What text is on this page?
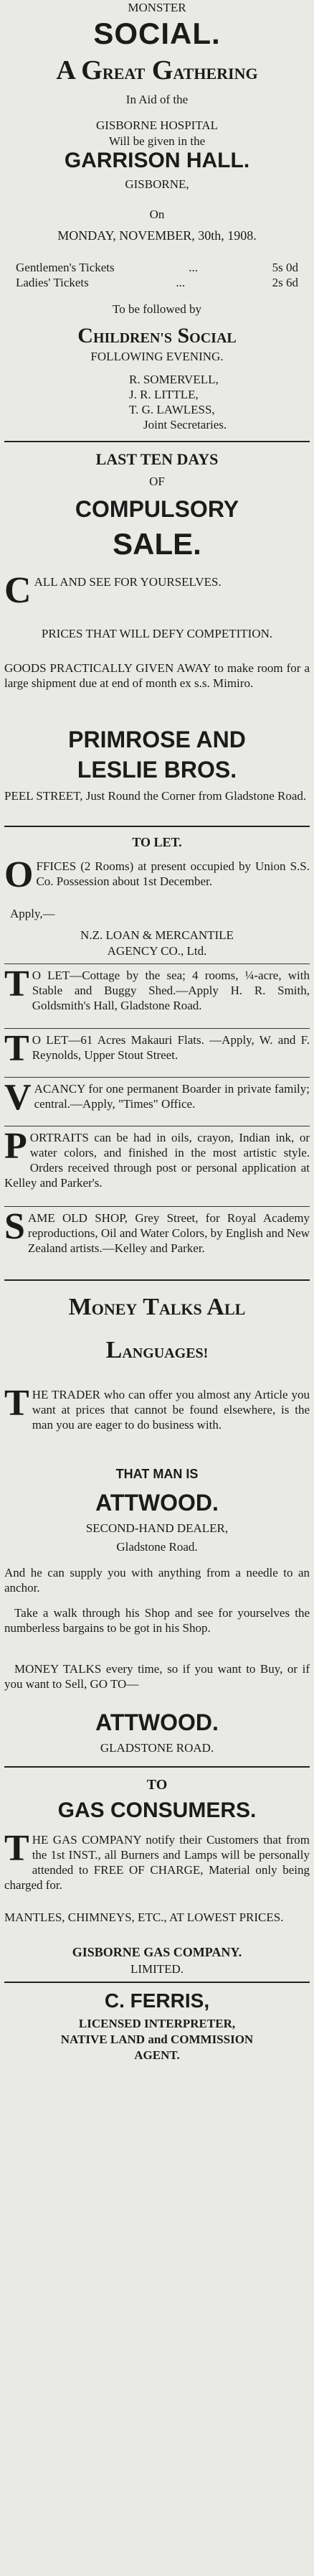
MONSTER
SOCIAL.
A GREAT GATHERING
In Aid of the
GISBORNE HOSPITAL
Will be given in the
GARRISON HALL.
GISBORNE,
On
MONDAY, NOVEMBER, 30th, 1908.
Gentlemen's Tickets	...	5s 0d
Ladies' Tickets	...	2s 6d
To be followed by
CHILDREN'S SOCIAL
FOLLOWING EVENING.
R. SOMERVELL,
J. R. LITTLE,
T. G. LAWLESS,
Joint Secretaries.
LAST TEN DAYS
OF
COMPULSORY
SALE.
CALL AND SEE FOR YOURSELVES.
PRICES THAT WILL DEFY COMPETITION.
GOODS PRACTICALLY GIVEN AWAY to make room for a large shipment due at end of month ex s.s. Mimiro.
PRIMROSE AND
LESLIE BROS.
PEEL STREET, Just Round the Corner from Gladstone Road.
TO LET.
OFFICES (2 Rooms) at present occupied by Union S.S. Co. Possession about 1st December.
Apply,—
N.Z. LOAN & MERCANTILE
AGENCY CO., Ltd.
T O LET—Cottage by the sea; 4 rooms, ¼-acre, with Stable and Buggy Shed.—Apply H. R. Smith, Goldsmith's Hall, Gladstone Road.
T O LET—61 Acres Makauri Flats. —Apply, W. and F. Reynolds, Upper Stout Street.
VACANCY for one permanent Boarder in private family; central.—Apply, "Times" Office.
PORTRAITS can be had in oils, crayon, Indian ink, or water colors, and finished in the most artistic style. Orders received through post or personal application at Kelley and Parker's.
SAME OLD SHOP, Grey Street, for Royal Academy reproductions, Oil and Water Colors, by English and New Zealand artists.—Kelley and Parker.
MONEY TALKS ALL
LANGUAGES!
THE TRADER who can offer you almost any Article you want at prices that cannot be found elsewhere, is the man you are eager to do business with.
THAT MAN IS
ATTWOOD.
SECOND-HAND DEALER,
Gladstone Road.
And he can supply you with anything from a needle to an anchor.
Take a walk through his Shop and see for yourselves the numberless bargains to be got in his Shop.
MONEY TALKS every time, so if you want to Buy, or if you want to Sell, GO TO—
ATTWOOD.
GLADSTONE ROAD.
TO
GAS CONSUMERS.
THE GAS COMPANY notify their Customers that from the 1st INST., all Burners and Lamps will be personally attended to FREE OF CHARGE, Material only being charged for.
MANTLES, CHIMNEYS, ETC., AT LOWEST PRICES.
GISBORNE GAS COMPANY.
LIMITED.
C. FERRIS,
LICENSED INTERPRETER,
NATIVE LAND and COMMISSION
AGENT.
